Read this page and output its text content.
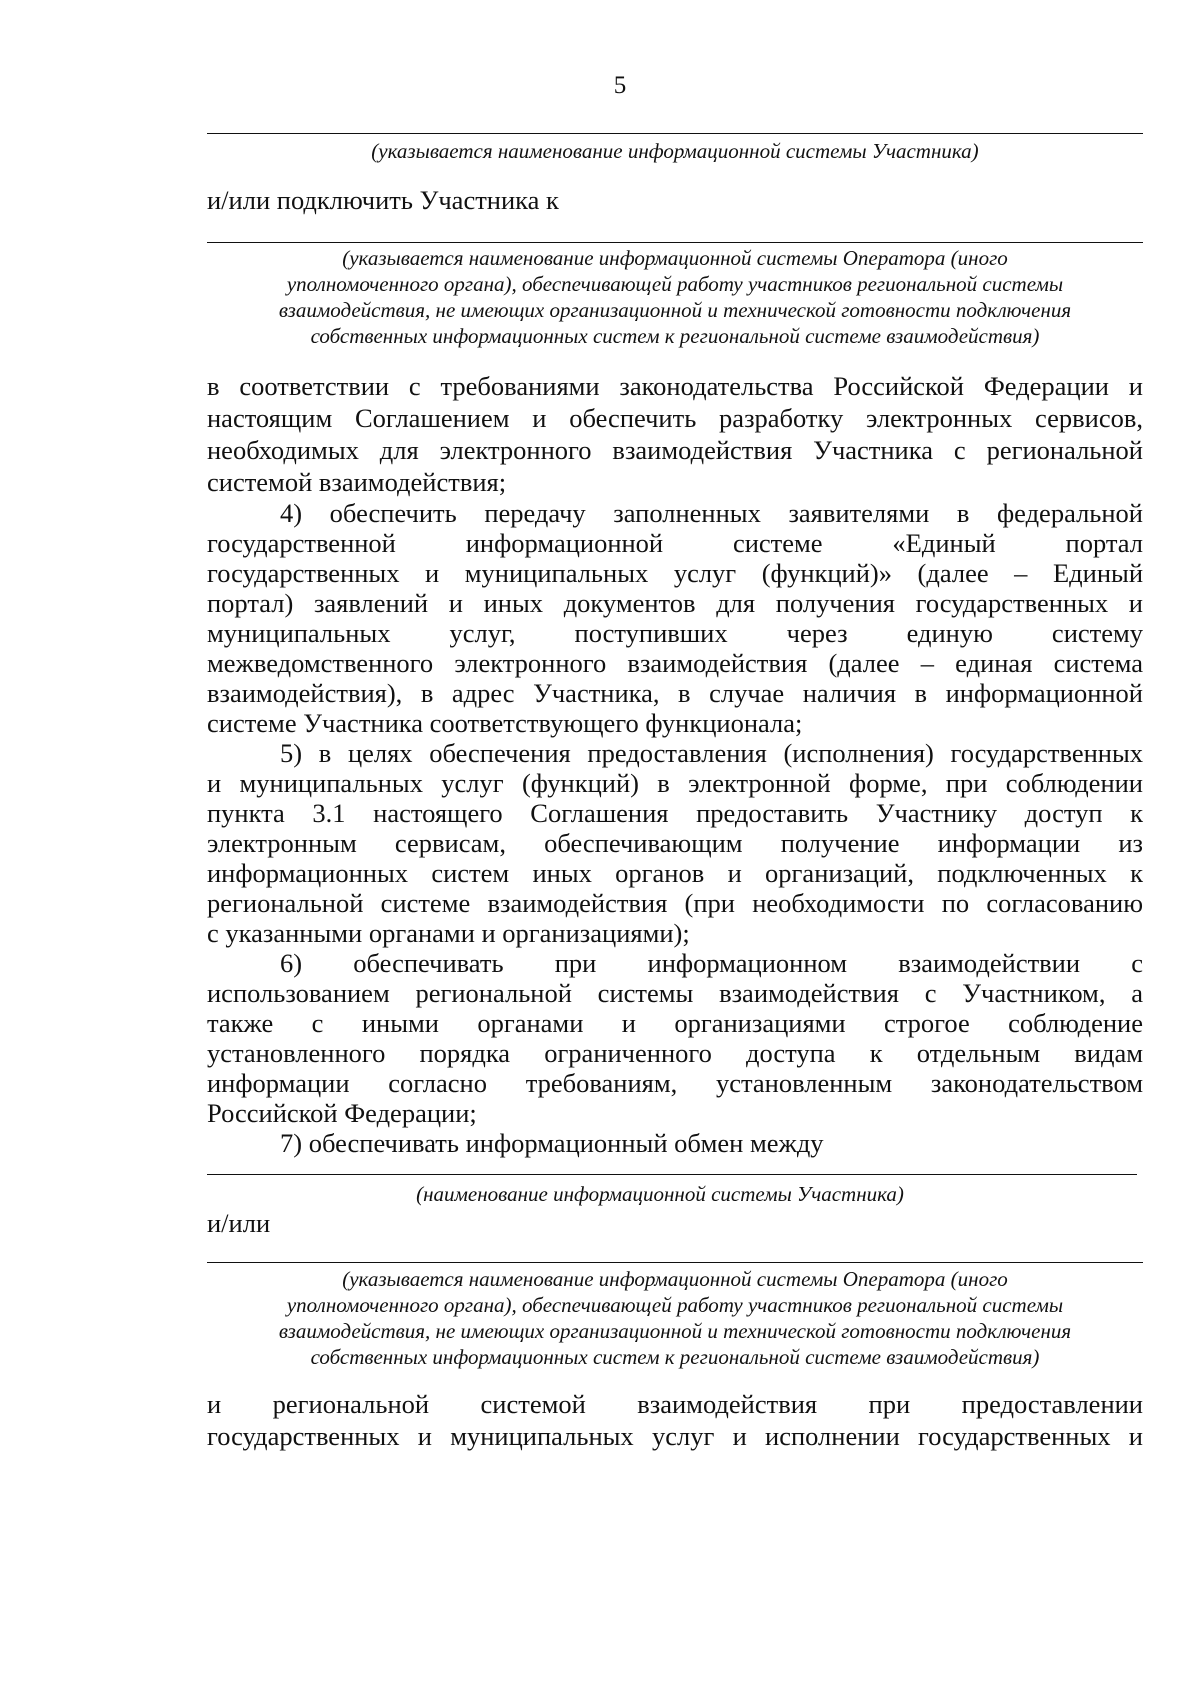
5
(указывается наименование информационной системы Участника)
и/или подключить Участника к
(указывается наименование информационной системы Оператора (иного
уполномоченного органа), обеспечивающей работу участников региональной системы
взаимодействия, не имеющих организационной и технической готовности подключения
собственных информационных систем к региональной системе взаимодействия)
в соответствии с требованиями законодательства Российской Федерации и
настоящим Соглашением и обеспечить разработку электронных сервисов,
необходимых для электронного взаимодействия Участника с региональной
системой взаимодействия;
4) обеспечить передачу заполненных заявителями в федеральной
государственной информационной системе «Единый портал
государственных и муниципальных услуг (функций)» (далее – Единый
портал) заявлений и иных документов для получения государственных и
муниципальных услуг, поступивших через единую систему
межведомственного электронного взаимодействия (далее – единая система
взаимодействия), в адрес Участника, в случае наличия в информационной
системе Участника соответствующего функционала;
5) в целях обеспечения предоставления (исполнения) государственных
и муниципальных услуг (функций) в электронной форме, при соблюдении
пункта 3.1 настоящего Соглашения предоставить Участнику доступ к
электронным сервисам, обеспечивающим получение информации из
информационных систем иных органов и организаций, подключенных к
региональной системе взаимодействия (при необходимости по согласованию
с указанными органами и организациями);
6) обеспечивать при информационном взаимодействии с
использованием региональной системы взаимодействия с Участником, а
также с иными органами и организациями строгое соблюдение
установленного порядка ограниченного доступа к отдельным видам
информации согласно требованиям, установленным законодательством
Российской Федерации;
7) обеспечивать информационный обмен между
(наименование информационной системы Участника)
и/или
(указывается наименование информационной системы Оператора (иного
уполномоченного органа), обеспечивающей работу участников региональной системы
взаимодействия, не имеющих организационной и технической готовности подключения
собственных информационных систем к региональной системе взаимодействия)
и региональной системой взаимодействия при предоставлении
государственных и муниципальных услуг и исполнении государственных и
